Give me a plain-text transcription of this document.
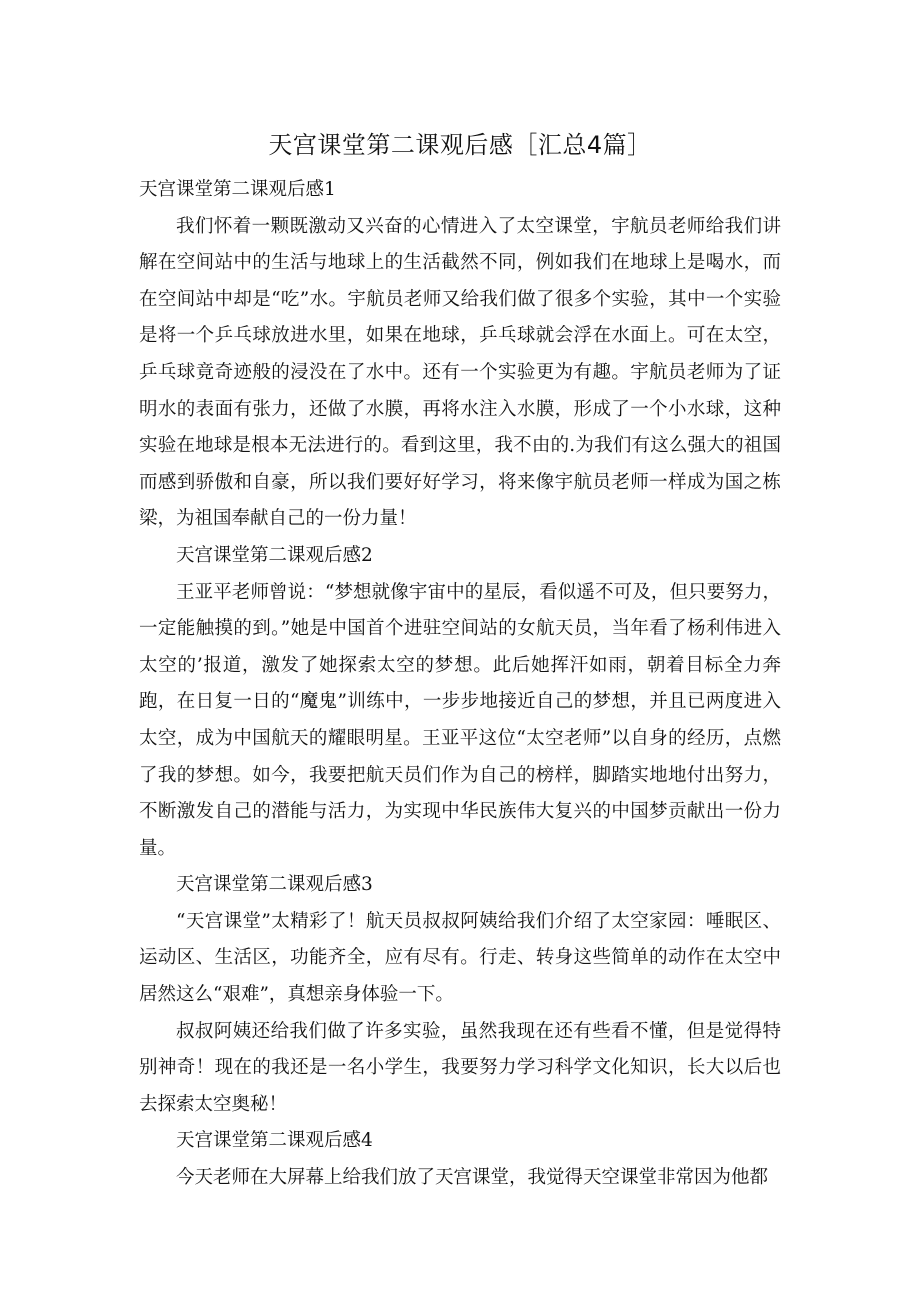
天宫课堂第二课观后感［汇总4篇］

天宫课堂第二课观后感1

我们怀着一颗既激动又兴奋的心情进入了太空课堂，宇航员老师给我们讲解在空间站中的生活与地球上的生活截然不同，例如我们在地球上是喝水，而在空间站中却是“吃”水。宇航员老师又给我们做了很多个实验，其中一个实验是将一个乒乓球放进水里，如果在地球，乒乓球就会浮在水面上。可在太空，乒乓球竟奇迹般的浸没在了水中。还有一个实验更为有趣。宇航员老师为了证明水的表面有张力，还做了水膜，再将水注入水膜，形成了一个小水球，这种实验在地球是根本无法进行的。看到这里，我不由的.为我们有这么强大的祖国而感到骄傲和自豪，所以我们要好好学习，将来像宇航员老师一样成为国之栋梁，为祖国奉献自己的一份力量！

天宫课堂第二课观后感2

王亚平老师曾说：“梦想就像宇宙中的星辰，看似遥不可及，但只要努力，一定能触摸的到。”她是中国首个进驻空间站的女航天员，当年看了杨利伟进入太空的’报道，激发了她探索太空的梦想。此后她挥汗如雨，朝着目标全力奔跑，在日复一日的“魔鬼”训练中，一步步地接近自己的梦想，并且已两度进入太空，成为中国航天的耀眼明星。王亚平这位“太空老师”以自身的经历，点燃了我的梦想。如今，我要把航天员们作为自己的榜样，脚踏实地地付出努力，不断激发自己的潜能与活力，为实现中华民族伟大复兴的中国梦贡献出一份力量。

天宫课堂第二课观后感3

“天宫课堂”太精彩了！航天员叔叔阿姨给我们介绍了太空家园：唾眠区、运动区、生活区，功能齐全，应有尽有。行走、转身这些简单的动作在太空中居然这么“艰难”，真想亲身体验一下。

叔叔阿姨还给我们做了许多实验，虽然我现在还有些看不懂，但是觉得特别神奇！现在的我还是一名小学生，我要努力学习科学文化知识，长大以后也去探索太空奥秘！

天宫课堂第二课观后感4

今天老师在大屏幕上给我们放了天宫课堂，我觉得天空课堂非常因为他都
